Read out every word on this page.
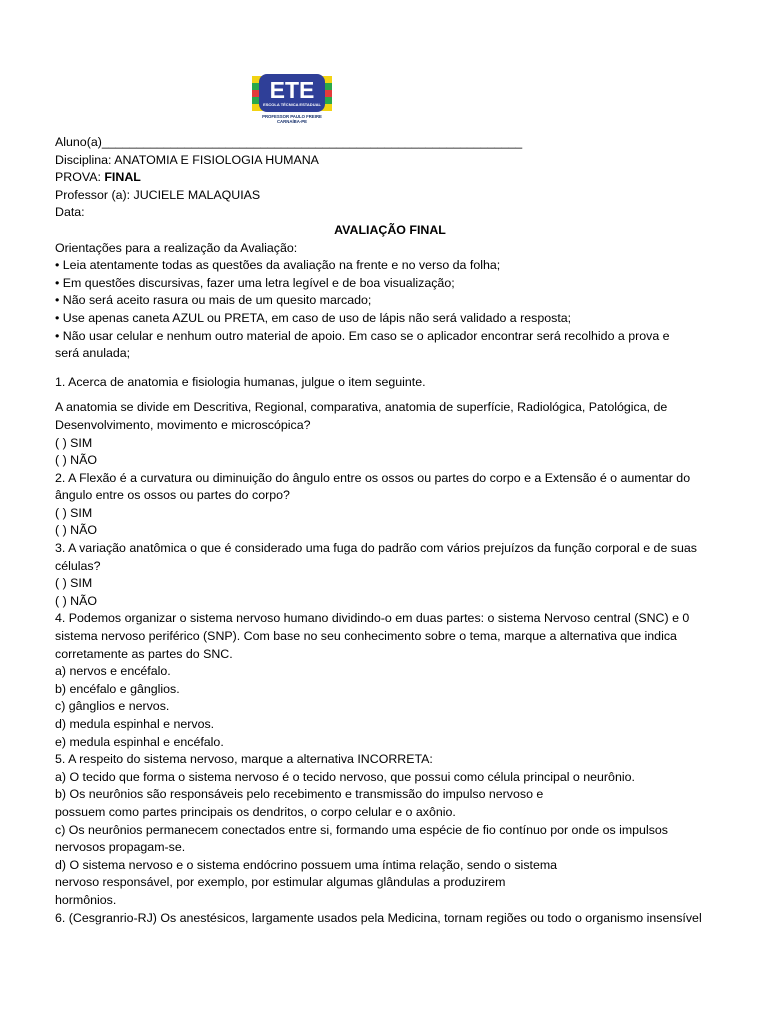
ETE
ESCOLA TÉCNICA ESTADUAL
PROFESSOR PAULO FREIRE
CARNAÍBA-PE
Aluno(a)_____________________________________________________________
Disciplina: ANATOMIA E FISIOLOGIA HUMANA
PROVA: FINAL
Professor (a): JUCIELE MALAQUIAS
Data:
AVALIAÇÃO FINAL
Orientações para a realização da Avaliação:
• Leia atentamente todas as questões da avaliação na frente e no verso da folha;
• Em questões discursivas, fazer uma letra legível e de boa visualização;
• Não será aceito rasura ou mais de um quesito marcado;
• Use apenas caneta AZUL ou PRETA, em caso de uso de lápis não será validado a resposta;
• Não usar celular e nenhum outro material de apoio. Em caso se o aplicador encontrar será recolhido a prova e
será anulada;
1. Acerca de anatomia e fisiologia humanas, julgue o item seguinte.
A anatomia se divide em Descritiva, Regional, comparativa, anatomia de superfície, Radiológica, Patológica, de
Desenvolvimento, movimento e microscópica?
( ) SIM
( ) NÃO
2. A Flexão é a curvatura ou diminuição do ângulo entre os ossos ou partes do corpo e a Extensão é o aumentar do
ângulo entre os ossos ou partes do corpo?
( ) SIM
( ) NÃO
3. A variação anatômica o que é considerado uma fuga do padrão com vários prejuízos da função corporal e de suas
células?
( ) SIM
( ) NÃO
4. Podemos organizar o sistema nervoso humano dividindo-o em duas partes: o sistema Nervoso central (SNC) e 0
sistema nervoso periférico (SNP). Com base no seu conhecimento sobre o tema, marque a alternativa que indica
corretamente as partes do SNC.
a) nervos e encéfalo.
b) encéfalo e gânglios.
c) gânglios e nervos.
d) medula espinhal e nervos.
e) medula espinhal e encéfalo.
5. A respeito do sistema nervoso, marque a alternativa INCORRETA:
a) O tecido que forma o sistema nervoso é o tecido nervoso, que possui como célula principal o neurônio.
b) Os neurônios são responsáveis pelo recebimento e transmissão do impulso nervoso e
possuem como partes principais os dendritos, o corpo celular e o axônio.
c) Os neurônios permanecem conectados entre si, formando uma espécie de fio contínuo por onde os impulsos
nervosos propagam-se.
d) O sistema nervoso e o sistema endócrino possuem uma íntima relação, sendo o sistema
nervoso responsável, por exemplo, por estimular algumas glândulas a produzirem
hormônios.
6. (Cesgranrio-RJ) Os anestésicos, largamente usados pela Medicina, tornam regiões ou todo o organismo insensível
